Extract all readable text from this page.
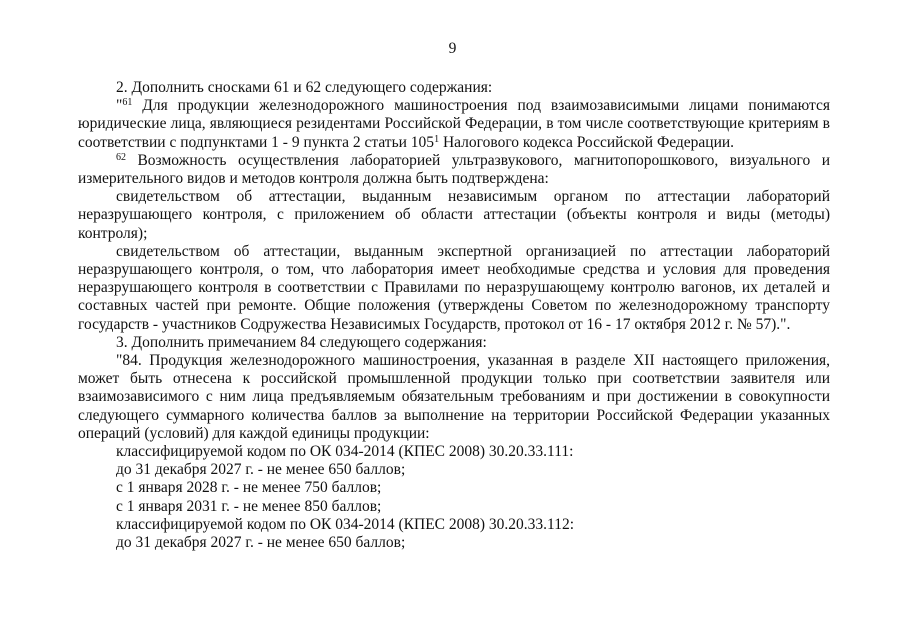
9

2. Дополнить сносками 61 и 62 следующего содержания:

"$^{61}$ Для продукции железнодорожного машиностроения под взаимозависимыми лицами понимаются юридические лица, являющиеся резидентами Российской Федерации, в том числе соответствующие критериям в соответствии с подпунктами 1 - 9 пункта 2 статьи $105^1$ Налогового кодекса Российской Федерации.

$^{62}$ Возможность осуществления лабораторией ультразвукового, магнитопорошкового, визуального и измерительного видов и методов контроля должна быть подтверждена:

свидетельством об аттестации, выданным независимым органом по аттестации лабораторий неразрушающего контроля, с приложением об области аттестации (объекты контроля и виды (методы) контроля);

свидетельством об аттестации, выданным экспертной организацией по аттестации лабораторий неразрушающего контроля, о том, что лаборатория имеет необходимые средства и условия для проведения неразрушающего контроля в соответствии с Правилами по неразрушающему контролю вагонов, их деталей и составных частей при ремонте. Общие положения (утверждены Советом по железнодорожному транспорту государств - участников Содружества Независимых Государств, протокол от 16 - 17 октября 2012 г. № 57).".

3. Дополнить примечанием 84 следующего содержания:

"84. Продукция железнодорожного машиностроения, указанная в разделе XII настоящего приложения, может быть отнесена к российской промышленной продукции только при соответствии заявителя или взаимозависимого с ним лица предъявляемым обязательным требованиям и при достижении в совокупности следующего суммарного количества баллов за выполнение на территории Российской Федерации указанных операций (условий) для каждой единицы продукции:

классифицируемой кодом по ОК 034-2014 (КПЕС 2008) 30.20.33.111:

до 31 декабря 2027 г. - не менее 650 баллов;

с 1 января 2028 г. - не менее 750 баллов;

с 1 января 2031 г. - не менее 850 баллов;

классифицируемой кодом по ОК 034-2014 (КПЕС 2008) 30.20.33.112:

до 31 декабря 2027 г. - не менее 650 баллов;
